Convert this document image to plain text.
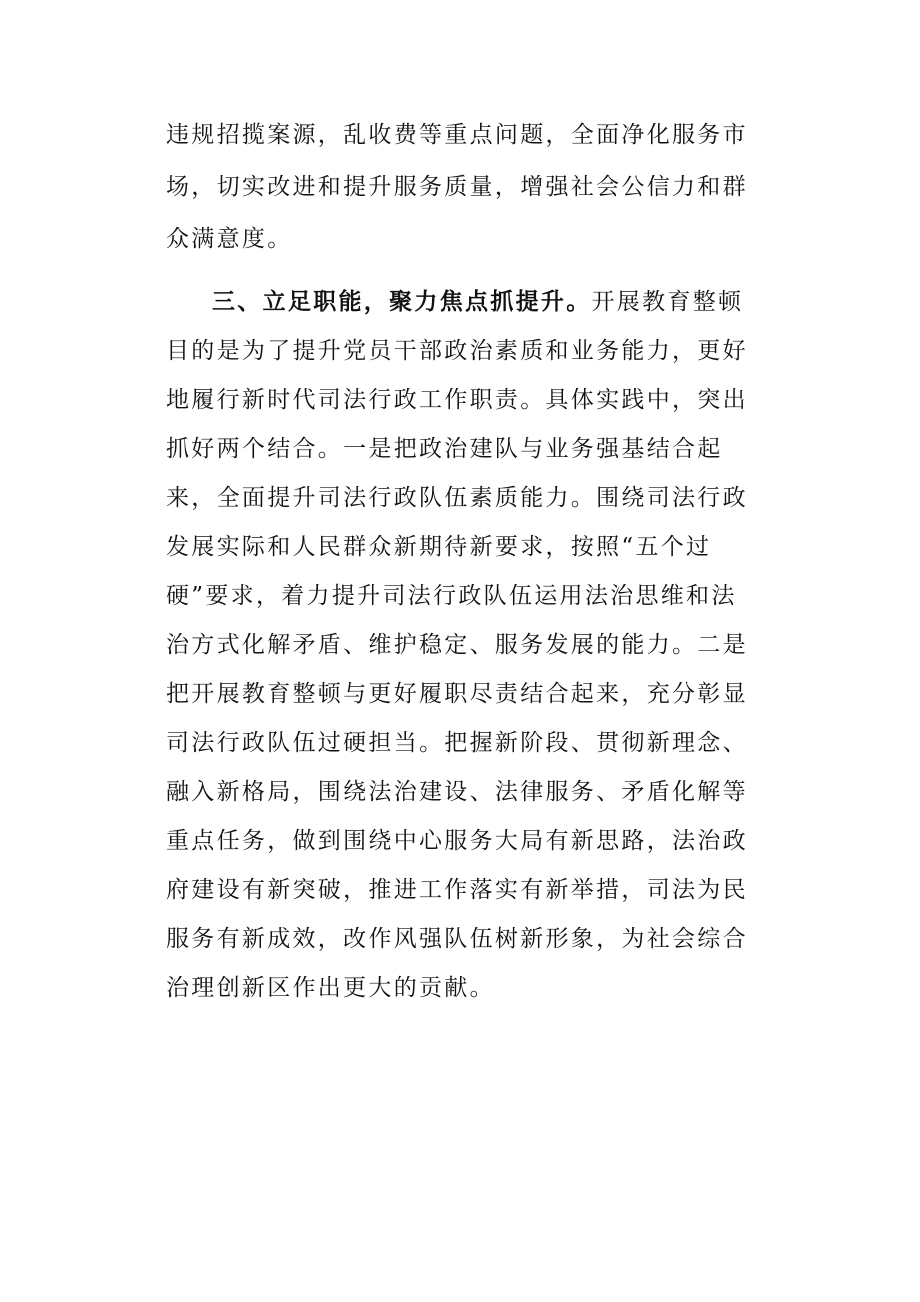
违规招揽案源，乱收费等重点问题，全面净化服务市
场，切实改进和提升服务质量，增强社会公信力和群
众满意度。
三、立足职能，聚力焦点抓提升。开展教育整顿
目的是为了提升党员干部政治素质和业务能力，更好
地履行新时代司法行政工作职责。具体实践中，突出
抓好两个结合。一是把政治建队与业务强基结合起
来，全面提升司法行政队伍素质能力。围绕司法行政
发展实际和人民群众新期待新要求，按照“五个过
硬”要求，着力提升司法行政队伍运用法治思维和法
治方式化解矛盾、维护稳定、服务发展的能力。二是
把开展教育整顿与更好履职尽责结合起来，充分彰显
司法行政队伍过硬担当。把握新阶段、贯彻新理念、
融入新格局，围绕法治建设、法律服务、矛盾化解等
重点任务，做到围绕中心服务大局有新思路，法治政
府建设有新突破，推进工作落实有新举措，司法为民
服务有新成效，改作风强队伍树新形象，为社会综合
治理创新区作出更大的贡献。
